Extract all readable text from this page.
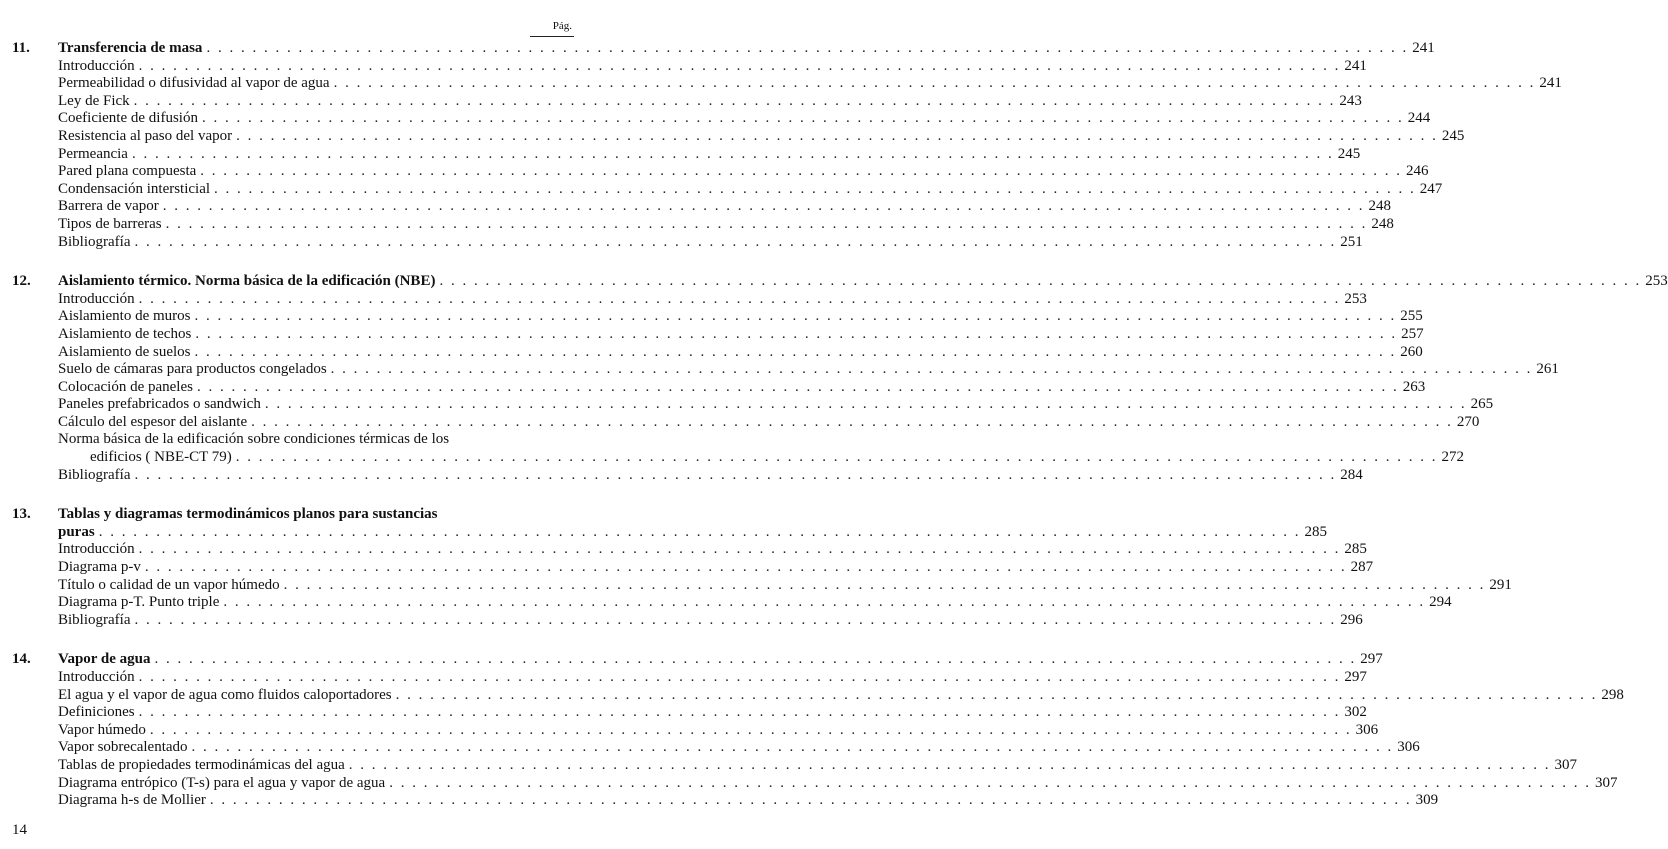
Pág.
11.	Transferencia de masa . . .	241
Introducción . . .	241
Permeabilidad o difusividad al vapor de agua . . .	241
Ley de Fick . . .	243
Coeficiente de difusión . . .	244
Resistencia al paso del vapor . . .	245
Permeancia . . .	245
Pared plana compuesta . . .	246
Condensación intersticial . . .	247
Barrera de vapor . . .	248
Tipos de barreras . . .	248
Bibliografía . . .	251
12.	Aislamiento térmico. Norma básica de la edificación (NBE) . . .	253
Introducción . . .	253
Aislamiento de muros . . .	255
Aislamiento de techos . . .	257
Aislamiento de suelos . . .	260
Suelo de cámaras para productos congelados . . .	261
Colocación de paneles . . .	263
Paneles prefabricados o sandwich . . .	265
Cálculo del espesor del aislante . . .	270
Norma básica de la edificación sobre condiciones térmicas de los
edificios ( NBE-CT 79) . . .	272
Bibliografía . . .	284
13.	Tablas y diagramas termodinámicos planos para sustancias
puras . . .	285
Introducción . . .	285
Diagrama p-v . . .	287
Título o calidad de un vapor húmedo . . .	291
Diagrama p-T. Punto triple . . .	294
Bibliografía . . .	296
14.	Vapor de agua . . .	297
Introducción . . .	297
El agua y el vapor de agua como fluidos caloportadores . . .	298
Definiciones . . .	302
Vapor húmedo . . .	306
Vapor sobrecalentado . . .	306
Tablas de propiedades termodinámicas del agua . . .	307
Diagrama entrópico (T-s) para el agua y vapor de agua . . .	307
Diagrama h-s de Mollier . . .	309
14
